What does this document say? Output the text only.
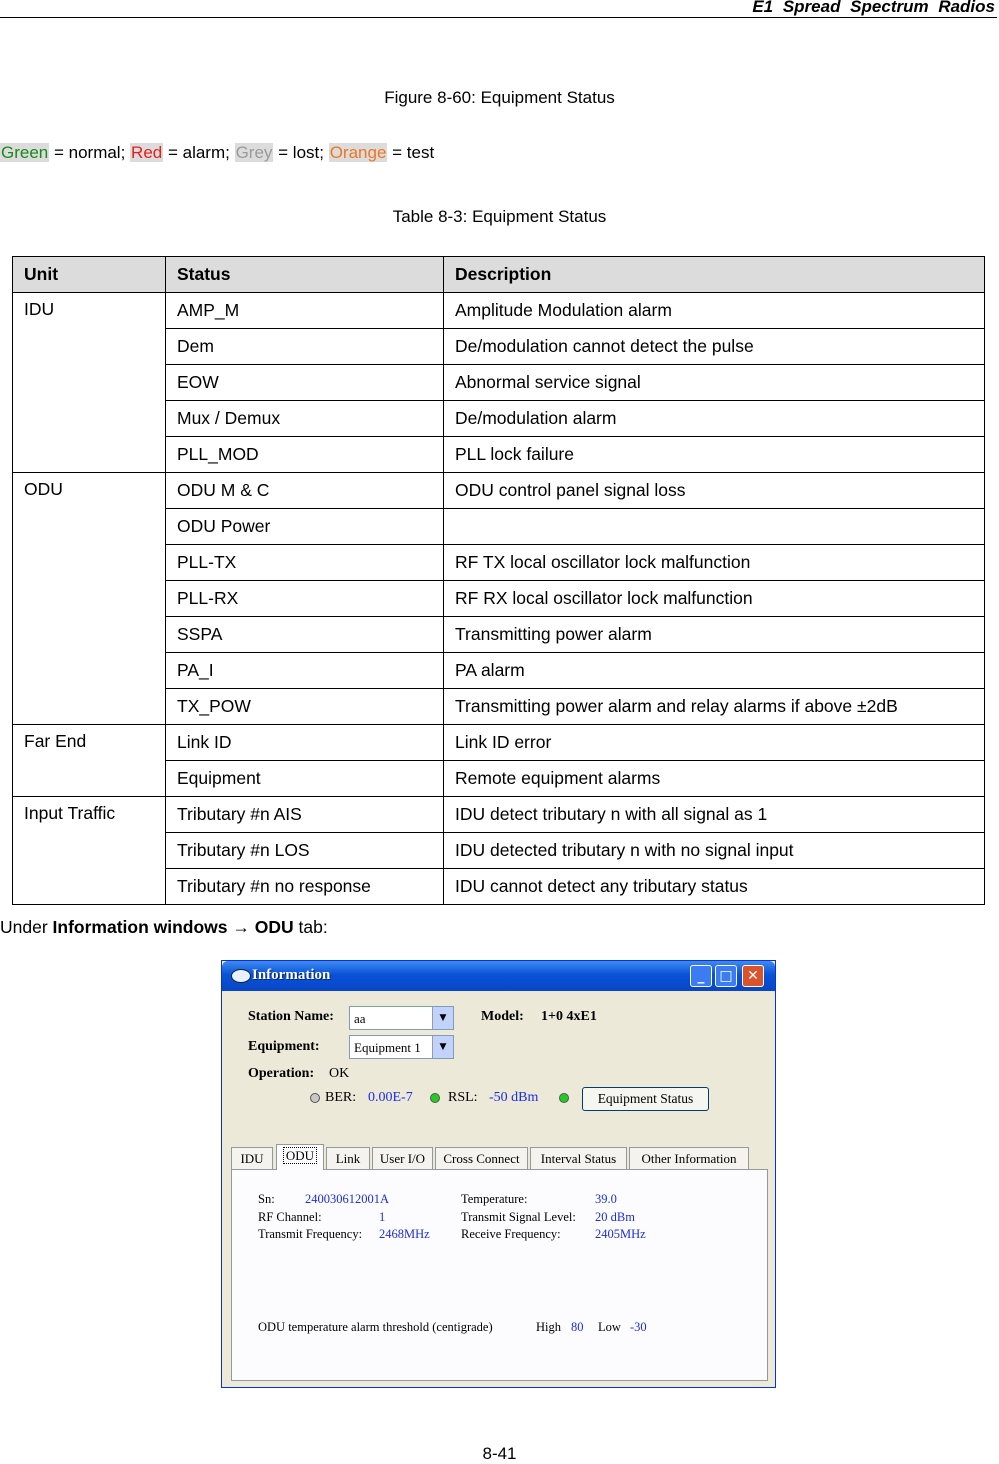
E1 Spread Spectrum Radios
Figure 8-60: Equipment Status
Green = normal; Red = alarm; Grey = lost; Orange = test
Table 8-3: Equipment Status
Unit	Status	Description
IDU	AMP_M	Amplitude Modulation alarm
	Dem	De/modulation cannot detect the pulse
	EOW	Abnormal service signal
	Mux / Demux	De/modulation alarm
	PLL_MOD	PLL lock failure
ODU	ODU M & C	ODU control panel signal loss
	ODU Power	
	PLL-TX	RF TX local oscillator lock malfunction
	PLL-RX	RF RX local oscillator lock malfunction
	SSPA	Transmitting power alarm
	PA_I	PA alarm
	TX_POW	Transmitting power alarm and relay alarms if above ±2dB
Far End	Link ID	Link ID error
	Equipment	Remote equipment alarms
Input Traffic	Tributary #n AIS	IDU detect tributary n with all signal as 1
	Tributary #n LOS	IDU detected tributary n with no signal input
	Tributary #n no response	IDU cannot detect any tributary status
Under Information windows → ODU tab:
Information	_	□	✕
Station Name: aa	▼	Model: 1+0 4xE1
Equipment:	Equipment 1	▼
Operation: OK
BER: 0.00E-7	RSL: -50 dBm	Equipment Status
IDU	ODU	Link	User I/O	Cross Connect	Interval Status	Other Information
Sn: 240030612001A
RF Channel:	1
Transmit Frequency: 2468MHz
Temperature:	39.0
Transmit Signal Level: 20 dBm
Receive Frequency:	2405MHz
ODU temperature alarm threshold (centigrade)	High 80 Low -30
8-41
